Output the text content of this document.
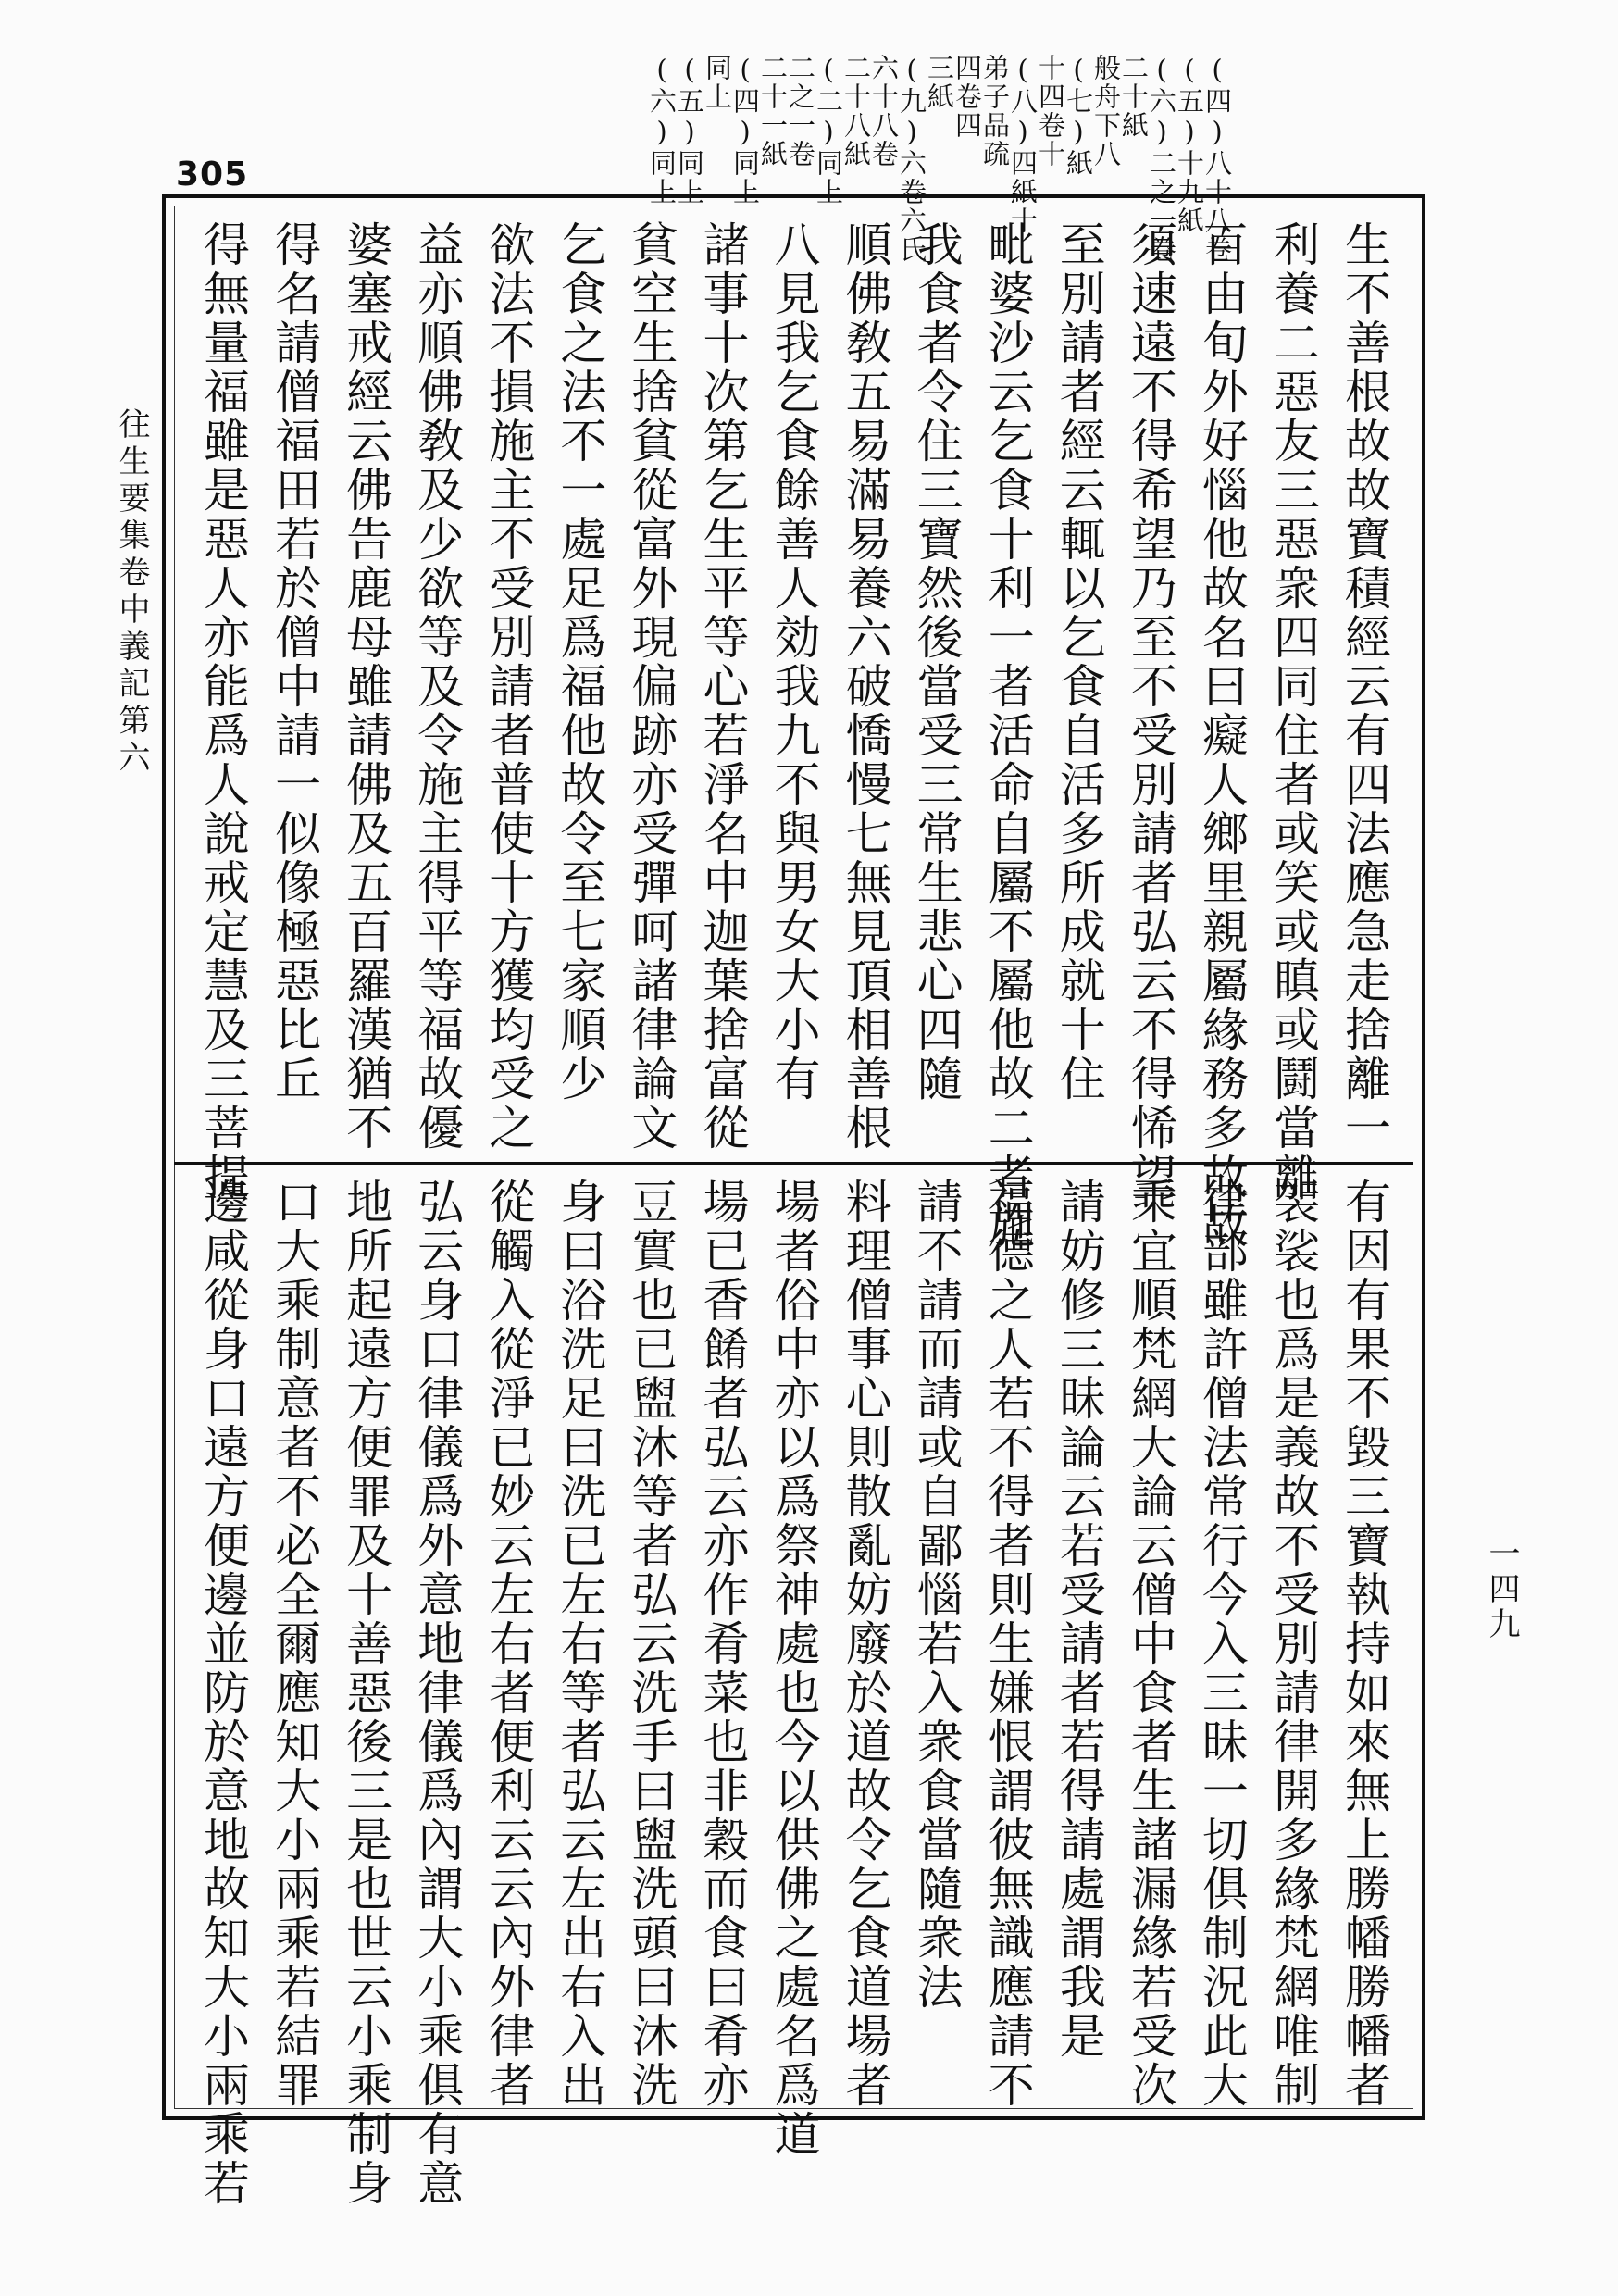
(四)八十八卷
(五)十九紙
(六)二之一卷
二十紙
般舟下八
(七)紙
十四卷十
(八)四紙十
弟子品疏
四卷四
三紙
(九)六卷六氏
六十八卷
二十八紙
(二)同上
二之一卷
二十一紙
(四)同上
同上
(五)同上
(六)同上
305
生不善根故故寶積經云有四法應急走捨離一
利養二惡友三惡衆四同住者或笑或瞋或鬪當離
百由旬外好惱他故名曰癡人鄉里親屬緣務多故故
須速遠不得希望乃至不受別請者弘云不得悕望
至別請者經云輒以乞食自活多所成就十住
毗婆沙云乞食十利一者活命自屬不屬他故二者施
我食者令住三寶然後當受三常生悲心四隨
順佛敎五易滿易養六破憍慢七無見頂相善根
八見我乞食餘善人効我九不與男女大小有
諸事十次第乞生平等心若淨名中迦葉捨富從
貧空生捨貧從富外現偏跡亦受彈呵諸律論文
乞食之法不一處足爲福他故令至七家順少
欲法不損施主不受別請者普使十方獲均受之
益亦順佛敎及少欲等及令施主得平等福故優
婆塞戒經云佛告鹿母雖請佛及五百羅漢猶不
得名請僧福田若於僧中請一似像極惡比丘
得無量福雖是惡人亦能爲人說戒定慧及三菩提
有因有果不毀三寶執持如來無上勝幡勝幡者
袈裟也爲是義故不受別請律開多緣梵網唯制
律部雖許僧法常行今入三昧一切俱制況此大
乘宜順梵網大論云僧中食者生諸漏緣若受次
請妨修三昧論云若受請者若得請處謂我是
福德之人若不得者則生嫌恨謂彼無識應請不
請不請而請或自鄙惱若入衆食當隨衆法
料理僧事心則散亂妨廢於道故令乞食道場者
場者俗中亦以爲祭神處也今以供佛之處名爲道
場已香餚者弘云亦作肴菜也非穀而食曰肴亦
豆實也已盥沐等者弘云洗手曰盥洗頭曰沐洗
身曰浴洗足曰洗已左右等者弘云左出右入出
從觸入從淨已妙云左右者便利云云內外律者
弘云身口律儀爲外意地律儀爲內謂大小乘俱有意
地所起遠方便罪及十善惡後三是也世云小乘制身
口大乘制意者不必全爾應知大小兩乘若結罪
邊咸從身口遠方便邊並防於意地故知大小兩乘若
往生要集卷中義記第六
一四九
